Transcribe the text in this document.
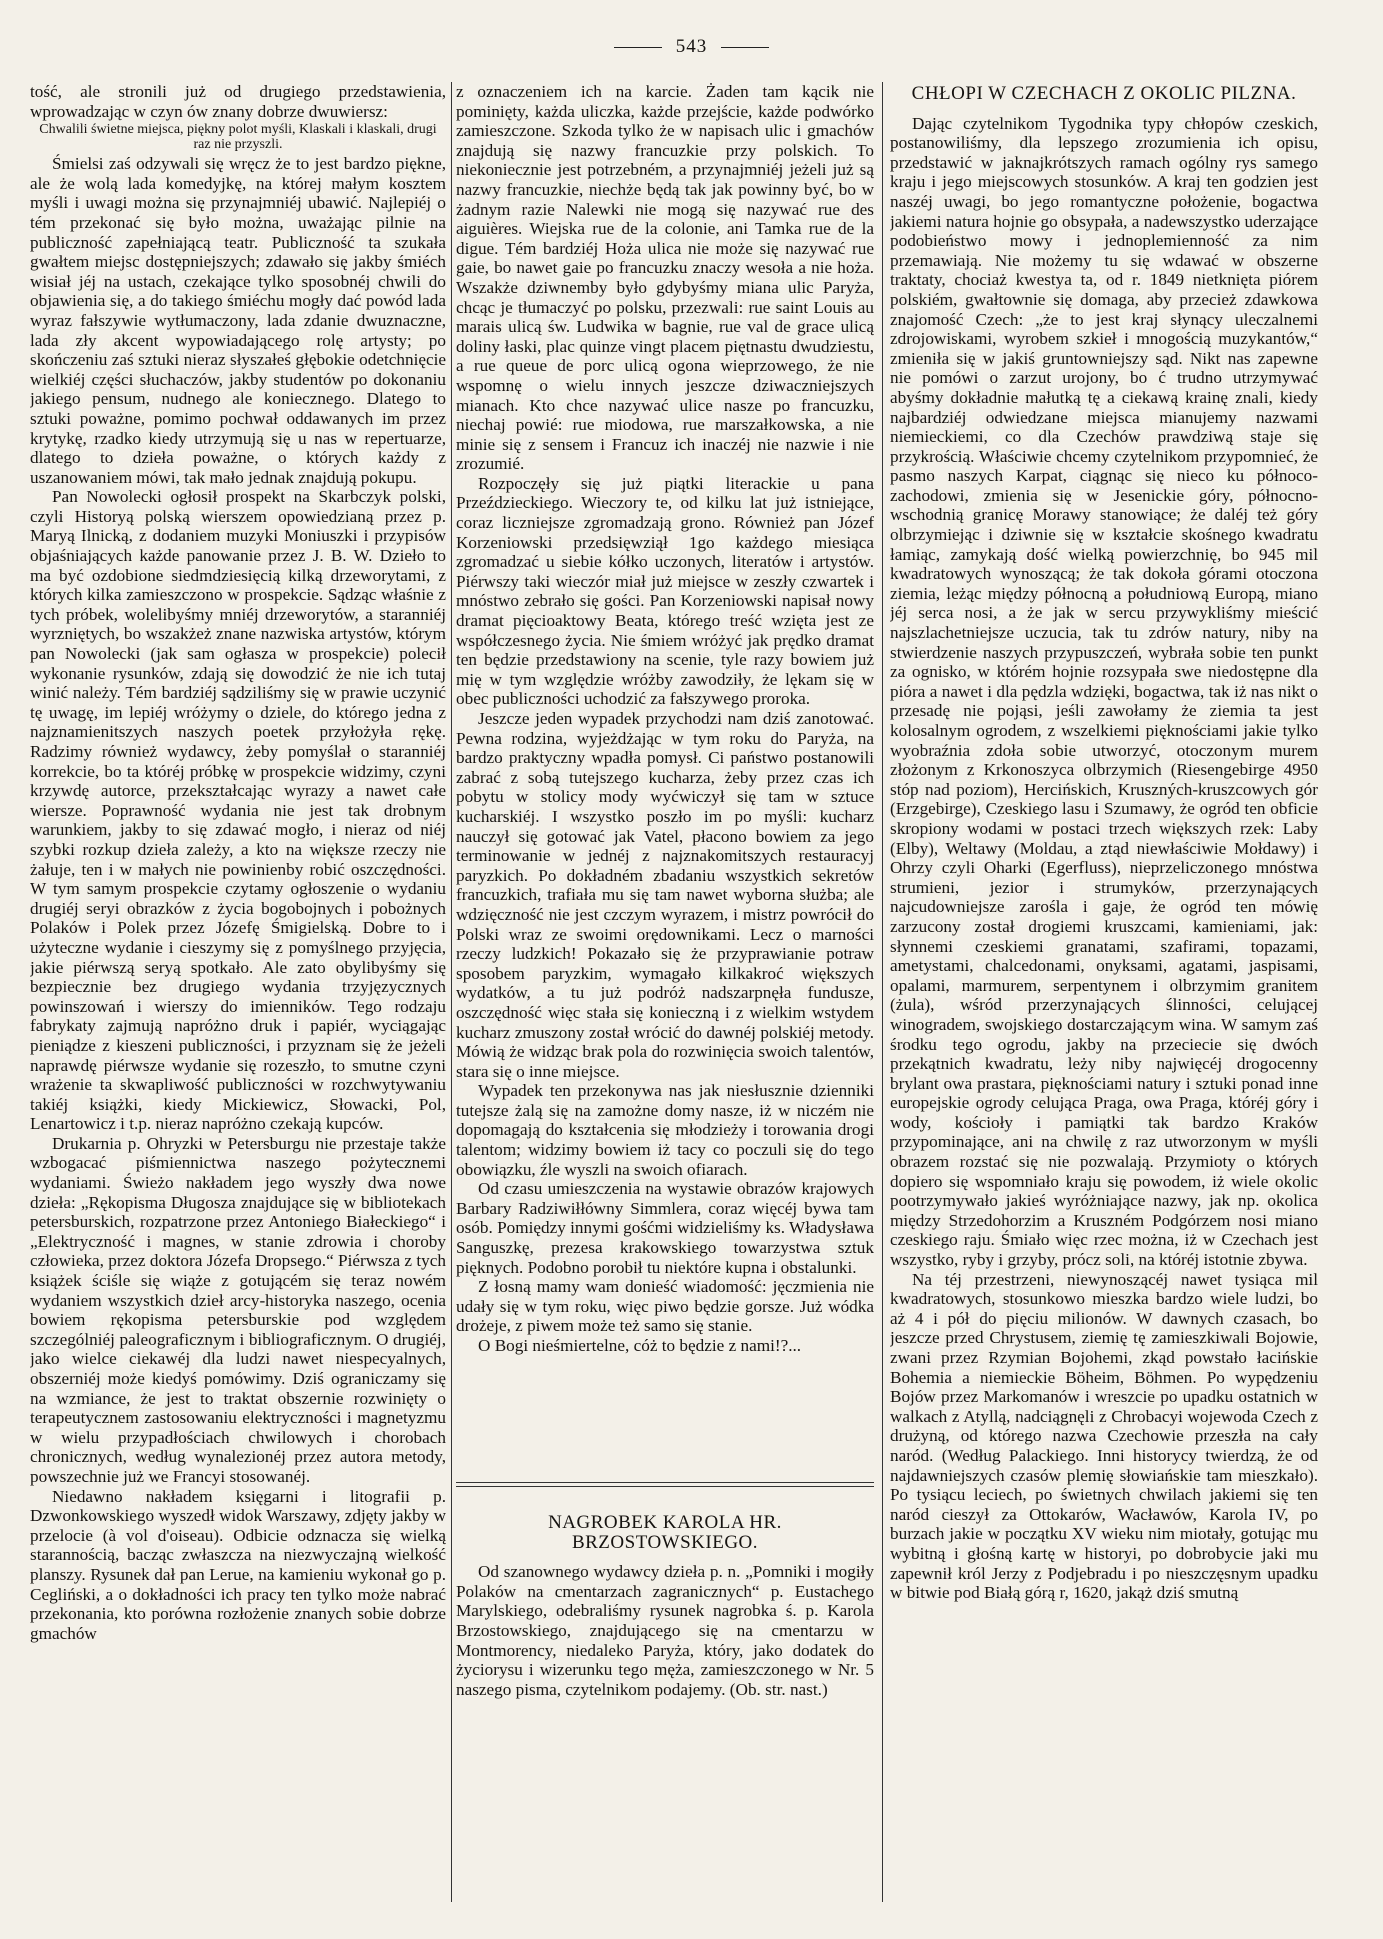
543

tość, ale stronili już od drugiego przedstawienia, wprowadzając w czyn ów znany dobrze dwuwiersz:

Chwalili świetne miejsca, piękny polot myśli, Klaskali i klaskali, drugi raz nie przyszli.

Śmielsi zaś odzywali się wręcz że to jest bardzo piękne, ale że wolą lada komedyjkę, na której małym kosztem myśli i uwagi można się przynajmniéj ubawić. Najlepiéj o tém przekonać się było można, uważając pilnie na publiczność zapełniającą teatr. Publiczność ta szukała gwałtem miejsc dostępniejszych; zdawało się jakby śmiéch wisiał jéj na ustach, czekające tylko sposobnéj chwili do objawienia się, a do takiego śmiéchu mogły dać powód lada wyraz fałszywie wytłumaczony, lada zdanie dwuznaczne, lada zły akcent wypowiadającego rolę artysty; po skończeniu zaś sztuki nieraz słyszałeś głębokie odetchnięcie wielkiéj części słuchaczów, jakby studentów po dokonaniu jakiego pensum, nudnego ale koniecznego. Dlatego to sztuki poważne, pomimo pochwał oddawanych im przez krytykę, rzadko kiedy utrzymują się u nas w repertuarze, dlatego to dzieła poważne, o których każdy z uszanowaniem mówi, tak mało jednak znajdują pokupu.

Pan Nowolecki ogłosił prospekt na Skarbczyk polski, czyli Historyą polską wierszem opowiedzianą przez p. Maryą Ilnicką, z dodaniem muzyki Moniuszki i przypisów objaśniających każde panowanie przez J. B. W. Dzieło to ma być ozdobione siedmdziesięcią kilką drzeworytami, z których kilka zamieszczono w prospekcie. Sądząc właśnie z tych próbek, wolelibyśmy mniéj drzeworytów, a staranniéj wyrzniętych, bo wszakżeż znane nazwiska artystów, którym pan Nowolecki (jak sam ogłasza w prospekcie) polecił wykonanie rysunków, zdają się dowodzić że nie ich tutaj winić należy. Tém bardziéj sądziliśmy się w prawie uczynić tę uwagę, im lepiéj wróżymy o dziele, do którego jedna z najznamienitszych naszych poetek przyłożyła rękę. Radzimy również wydawcy, żeby pomyślał o staranniéj korrekcie, bo ta któréj próbkę w prospekcie widzimy, czyni krzywdę autorce, przekształcając wyrazy a nawet całe wiersze. Poprawność wydania nie jest tak drobnym warunkiem, jakby to się zdawać mogło, i nieraz od niéj szybki rozkup dzieła zależy, a kto na większe rzeczy nie żałuje, ten i w małych nie powinienby robić oszczędności. W tym samym prospekcie czytamy ogłoszenie o wydaniu drugiéj seryi obrazków z życia bogobojnych i pobożnych Polaków i Polek przez Józefę Śmigielską. Dobre to i użyteczne wydanie i cieszymy się z pomyślnego przyjęcia, jakie piérwszą seryą spotkało. Ale zato obylibyśmy się bezpiecznie bez drugiego wydania trzyjęzycznych powinszowań i wierszy do imienników. Tego rodzaju fabrykaty zajmują napróżno druk i papiér, wyciągając pieniądze z kieszeni publiczności, i przyznam się że jeżeli naprawdę piérwsze wydanie się rozeszło, to smutne czyni wrażenie ta skwapliwość publiczności w rozchwytywaniu takiéj książki, kiedy Mickiewicz, Słowacki, Pol, Lenartowicz i t.p. nieraz napróżno czekają kupców.

Drukarnia p. Ohryzki w Petersburgu nie przestaje także wzbogacać piśmiennictwa naszego pożytecznemi wydaniami. Świeżo nakładem jego wyszły dwa nowe dzieła: „Rękopisma Długosza znajdujące się w bibliotekach petersburskich, rozpatrzone przez Antoniego Białeckiego“ i „Elektryczność i magnes, w stanie zdrowia i choroby człowieka, przez doktora Józefa Dropsego.“ Piérwsza z tych książek ściśle się wiąże z gotującém się teraz nowém wydaniem wszystkich dzieł arcy-historyka naszego, ocenia bowiem rękopisma petersburskie pod względem szczególniéj paleograficznym i bibliograficznym. O drugiéj, jako wielce ciekawéj dla ludzi nawet niespecyalnych, obszerniéj może kiedyś pomówimy. Dziś ograniczamy się na wzmiance, że jest to traktat obszernie rozwinięty o terapeutycznem zastosowaniu elektryczności i magnetyzmu w wielu przypadłościach chwilowych i chorobach chronicznych, według wynalezionéj przez autora metody, powszechnie już we Francyi stosowanéj.

Niedawno nakładem księgarni i litografii p. Dzwonkowskiego wyszedł widok Warszawy, zdjęty jakby w przelocie (à vol d'oiseau). Odbicie odznacza się wielką starannością, bacząc zwłaszcza na niezwyczajną wielkość planszy. Rysunek dał pan Lerue, na kamieniu wykonał go p. Cegliński, a o dokładności ich pracy ten tylko może nabrać przekonania, kto porówna rozłożenie znanych sobie dobrze gmachów

z oznaczeniem ich na karcie. Żaden tam kącik nie pominięty, każda uliczka, każde przejście, każde podwórko zamieszczone. Szkoda tylko że w napisach ulic i gmachów znajdują się nazwy francuzkie przy polskich. To niekoniecznie jest potrzebném, a przynajmniéj jeżeli już są nazwy francuzkie, niechże będą tak jak powinny być, bo w żadnym razie Nalewki nie mogą się nazywać rue des aiguières. Wiejska rue de la colonie, ani Tamka rue de la digue. Tém bardziéj Hoża ulica nie może się nazywać rue gaie, bo nawet gaie po francuzku znaczy wesoła a nie hoża. Wszakże dziwnemby było gdybyśmy miana ulic Paryża, chcąc je tłumaczyć po polsku, przezwali: rue saint Louis au marais ulicą św. Ludwika w bagnie, rue val de grace ulicą doliny łaski, plac quinze vingt placem piętnastu dwudziestu, a rue queue de porc ulicą ogona wieprzowego, że nie wspomnę o wielu innych jeszcze dziwaczniejszych mianach. Kto chce nazywać ulice nasze po francuzku, niechaj powié: rue miodowa, rue marszałkowska, a nie minie się z sensem i Francuz ich inaczéj nie nazwie i nie zrozumié.

Rozpoczęły się już piątki literackie u pana Przeździeckiego. Wieczory te, od kilku lat już istniejące, coraz liczniejsze zgromadzają grono. Również pan Józef Korzeniowski przedsięwziął 1go każdego miesiąca zgromadzać u siebie kółko uczonych, literatów i artystów. Piérwszy taki wieczór miał już miejsce w zeszły czwartek i mnóstwo zebrało się gości. Pan Korzeniowski napisał nowy dramat pięcioaktowy Beata, którego treść wzięta jest ze współczesnego życia. Nie śmiem wróżyć jak prędko dramat ten będzie przedstawiony na scenie, tyle razy bowiem już mię w tym względzie wróżby zawodziły, że lękam się w obec publiczności uchodzić za fałszywego proroka.

Jeszcze jeden wypadek przychodzi nam dziś zanotować. Pewna rodzina, wyjeżdżając w tym roku do Paryża, na bardzo praktyczny wpadła pomysł. Ci państwo postanowili zabrać z sobą tutejszego kucharza, żeby przez czas ich pobytu w stolicy mody wyćwiczył się tam w sztuce kucharskiéj. I wszystko poszło im po myśli: kucharz nauczył się gotować jak Vatel, płacono bowiem za jego terminowanie w jednéj z najznakomitszych restauracyj paryzkich. Po dokładném zbadaniu wszystkich sekretów francuzkich, trafiała mu się tam nawet wyborna służba; ale wdzięczność nie jest czczym wyrazem, i mistrz powrócił do Polski wraz ze swoimi orędownikami. Lecz o marności rzeczy ludzkich! Pokazało się że przyprawianie potraw sposobem paryzkim, wymagało kilkakroć większych wydatków, a tu już podróż nadszarpnęła fundusze, oszczędność więc stała się konieczną i z wielkim wstydem kucharz zmuszony został wrócić do dawnéj polskiéj metody. Mówią że widząc brak pola do rozwinięcia swoich talentów, stara się o inne miejsce.

Wypadek ten przekonywa nas jak niesłusznie dzienniki tutejsze żalą się na zamożne domy nasze, iż w niczém nie dopomagają do kształcenia się młodzieży i torowania drogi talentom; widzimy bowiem iż tacy co poczuli się do tego obowiązku, źle wyszli na swoich ofiarach.

Od czasu umieszczenia na wystawie obrazów krajowych Barbary Radziwiłłówny Simmlera, coraz więcéj bywa tam osób. Pomiędzy innymi gośćmi widzieliśmy ks. Władysława Sanguszkę, prezesa krakowskiego towarzystwa sztuk pięknych. Podobno porobił tu niektóre kupna i obstalunki.

Z łosną mamy wam donieść wiadomość: jęczmienia nie udały się w tym roku, więc piwo będzie gorsze. Już wódka drożeje, z piwem może też samo się stanie.

O Bogi nieśmiertelne, cóż to będzie z nami!?...

NAGROBEK KAROLA HR. BRZOSTOWSKIEGO.

Od szanownego wydawcy dzieła p. n. „Pomniki i mogiły Polaków na cmentarzach zagranicznych“ p. Eustachego Marylskiego, odebraliśmy rysunek nagrobka ś. p. Karola Brzostowskiego, znajdującego się na cmentarzu w Montmorency, niedaleko Paryża, który, jako dodatek do życiorysu i wizerunku tego męża, zamieszczonego w Nr. 5 naszego pisma, czytelnikom podajemy. (Ob. str. nast.)

CHŁOPI W CZECHACH Z OKOLIC PILZNA.

Dając czytelnikom Tygodnika typy chłopów czeskich, postanowiliśmy, dla lepszego zrozumienia ich opisu, przedstawić w jaknajkrótszych ramach ogólny rys samego kraju i jego miejscowych stosunków. A kraj ten godzien jest naszéj uwagi, bo jego romantyczne położenie, bogactwa jakiemi natura hojnie go obsypała, a nadewszystko uderzające podobieństwo mowy i jednoplemienność za nim przemawiają. Nie możemy tu się wdawać w obszerne traktaty, chociaż kwestya ta, od r. 1849 nietknięta piórem polskiém, gwałtownie się domaga, aby przecież zdawkowa znajomość Czech: „że to jest kraj słynący uleczalnemi zdrojowiskami, wyrobem szkieł i mnogością muzykantów,“ zmieniła się w jakiś gruntowniejszy sąd. Nikt nas zapewne nie pomówi o zarzut urojony, bo ć trudno utrzymywać abyśmy dokładnie małutką tę a ciekawą krainę znali, kiedy najbardziéj odwiedzane miejsca mianujemy nazwami niemieckiemi, co dla Czechów prawdziwą staje się przykrością. Właściwie chcemy czytelnikom przypomnieć, że pasmo naszych Karpat, ciągnąc się nieco ku północo-zachodowi, zmienia się w Jesenickie góry, północno-wschodnią granicę Morawy stanowiące; że daléj też góry olbrzymiejąc i dziwnie się w kształcie skośnego kwadratu łamiąc, zamykają dość wielką powierzchnię, bo 945 mil kwadratowych wynoszącą; że tak dokoła górami otoczona ziemia, leżąc między północną a południową Europą, miano jéj serca nosi, a że jak w sercu przywykliśmy mieścić najszlachetniejsze uczucia, tak tu zdrów natury, niby na stwierdzenie naszych przypuszczeń, wybrała sobie ten punkt za ognisko, w którém hojnie rozsypała swe niedostępne dla pióra a nawet i dla pędzla wdzięki, bogactwa, tak iż nas nikt o przesadę nie pojąsi, jeśli zawołamy że ziemia ta jest kolosalnym ogrodem, z wszelkiemi pięknościami jakie tylko wyobraźnia zdoła sobie utworzyć, otoczonym murem złożonym z Krkonoszyca olbrzymich (Riesengebirge 4950 stóp nad poziom), Hercińskich, Kruszných-kruszcowych gór (Erzgebirge), Czeskiego lasu i Szumawy, że ogród ten obficie skropiony wodami w postaci trzech większych rzek: Laby (Elby), Weltawy (Moldau, a ztąd niewłaściwie Mołdawy) i Ohrzy czyli Oharki (Egerfluss), nieprzeliczonego mnóstwa strumieni, jezior i strumyków, przerzynających najcudowniejsze zarośla i gaje, że ogród ten mówię zarzucony został drogiemi kruszcami, kamieniami, jak: słynnemi czeskiemi granatami, szafirami, topazami, ametystami, chalcedonami, onyksami, agatami, jaspisami, opalami, marmurem, serpentynem i olbrzymim granitem (żula), wśród przerzynających ślinności, celującej winogradem, swojskiego dostarczającym wina. W samym zaś środku tego ogrodu, jakby na przeciecie się dwóch przekątnich kwadratu, leży niby najwięcéj drogocenny brylant owa prastara, pięknościami natury i sztuki ponad inne europejskie ogrody celująca Praga, owa Praga, któréj góry i wody, kościoły i pamiątki tak bardzo Kraków przypominające, ani na chwilę z raz utworzonym w myśli obrazem rozstać się nie pozwalają. Przymioty o których dopiero się wspomniało kraju się powodem, iż wiele okolic pootrzymywało jakieś wyróżniające nazwy, jak np. okolica między Strzedohorzim a Kruszném Podgórzem nosi miano czeskiego raju. Śmiało więc rzec można, iż w Czechach jest wszystko, ryby i grzyby, prócz soli, na któréj istotnie zbywa.

Na téj przestrzeni, niewynoszącéj nawet tysiąca mil kwadratowych, stosunkowo mieszka bardzo wiele ludzi, bo aż 4 i pół do pięciu milionów. W dawnych czasach, bo jeszcze przed Chrystusem, ziemię tę zamieszkiwali Bojowie, zwani przez Rzymian Bojohemi, zkąd powstało łacińskie Bohemia a niemieckie Böheim, Böhmen. Po wypędzeniu Bojów przez Markomanów i wreszcie po upadku ostatnich w walkach z Atyllą, nadciągnęli z Chrobacyi wojewoda Czech z drużyną, od którego nazwa Czechowie przeszła na cały naród. (Według Palackiego. Inni historycy twierdzą, że od najdawniejszych czasów plemię słowiańskie tam mieszkało). Po tysiącu leciech, po świetnych chwilach jakiemi się ten naród cieszył za Ottokarów, Wacławów, Karola IV, po burzach jakie w początku XV wieku nim miotały, gotując mu wybitną i głośną kartę w historyi, po dobrobycie jaki mu zapewnił król Jerzy z Podjebradu i po nieszczęsnym upadku w bitwie pod Białą górą r, 1620, jakąż dziś smutną
